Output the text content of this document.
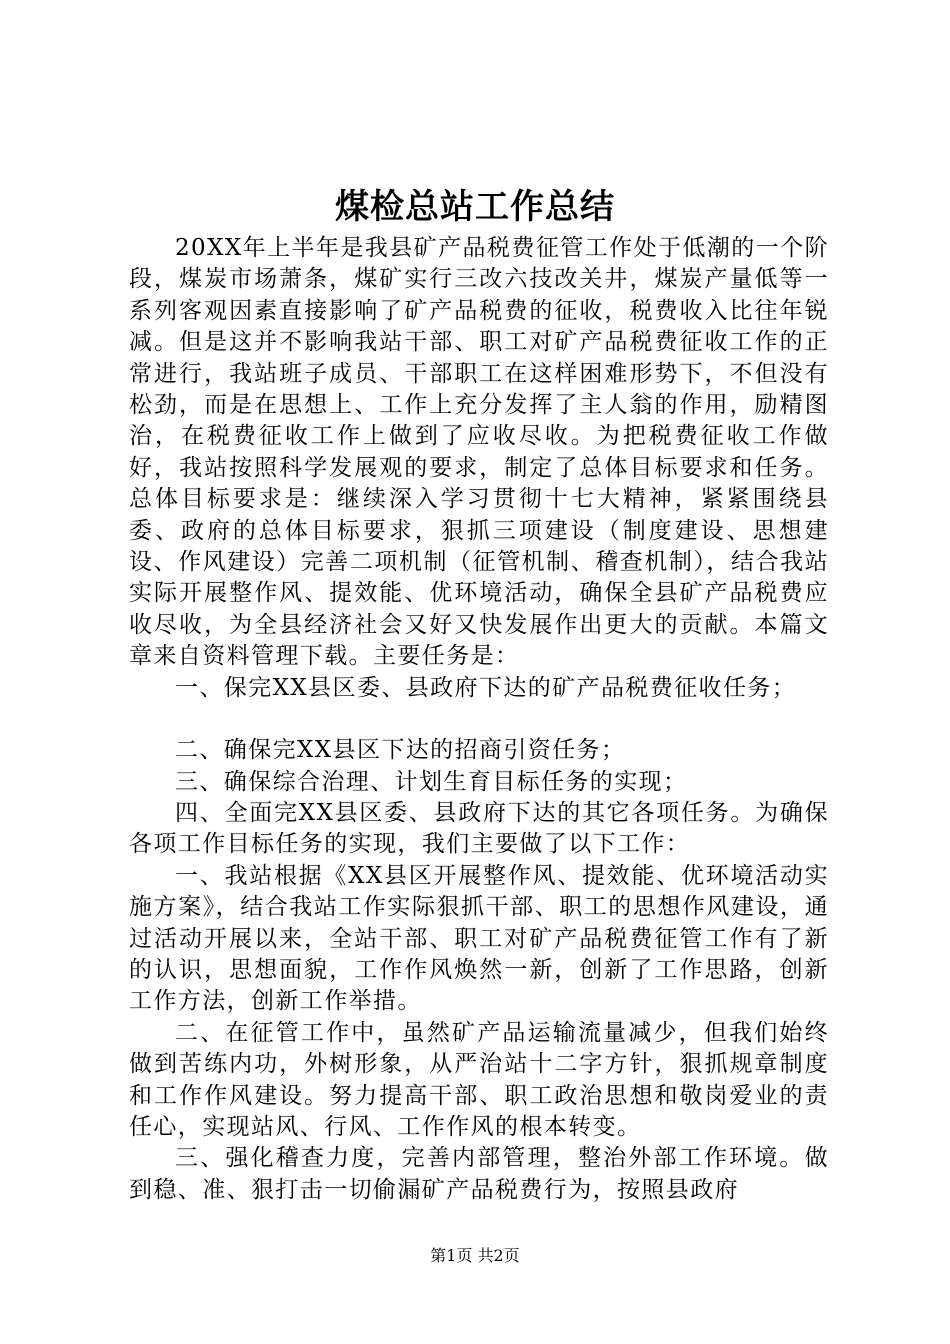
煤检总站工作总结

20XX年上半年是我县矿产品税费征管工作处于低潮的一个阶段，煤炭市场萧条，煤矿实行三改六技改关井，煤炭产量低等一系列客观因素直接影响了矿产品税费的征收，税费收入比往年锐减。但是这并不影响我站干部、职工对矿产品税费征收工作的正常进行，我站班子成员、干部职工在这样困难形势下，不但没有松劲，而是在思想上、工作上充分发挥了主人翁的作用，励精图治，在税费征收工作上做到了应收尽收。为把税费征收工作做好，我站按照科学发展观的要求，制定了总体目标要求和任务。总体目标要求是：继续深入学习贯彻十七大精神，紧紧围绕县委、政府的总体目标要求，狠抓三项建设（制度建设、思想建设、作风建设）完善二项机制（征管机制、稽查机制），结合我站实际开展整作风、提效能、优环境活动，确保全县矿产品税费应收尽收，为全县经济社会又好又快发展作出更大的贡献。本篇文章来自资料管理下载。主要任务是：

一、保完XX县区委、县政府下达的矿产品税费征收任务；

二、确保完XX县区下达的招商引资任务；

三、确保综合治理、计划生育目标任务的实现；

四、全面完XX县区委、县政府下达的其它各项任务。为确保各项工作目标任务的实现，我们主要做了以下工作：

一、我站根据《XX县区开展整作风、提效能、优环境活动实施方案》，结合我站工作实际狠抓干部、职工的思想作风建设，通过活动开展以来，全站干部、职工对矿产品税费征管工作有了新的认识，思想面貌，工作作风焕然一新，创新了工作思路，创新工作方法，创新工作举措。

二、在征管工作中，虽然矿产品运输流量减少，但我们始终做到苦练内功，外树形象，从严治站十二字方针，狠抓规章制度和工作作风建设。努力提高干部、职工政治思想和敬岗爱业的责任心，实现站风、行风、工作作风的根本转变。

三、强化稽查力度，完善内部管理，整治外部工作环境。做到稳、准、狠打击一切偷漏矿产品税费行为，按照县政府

第1页 共2页
